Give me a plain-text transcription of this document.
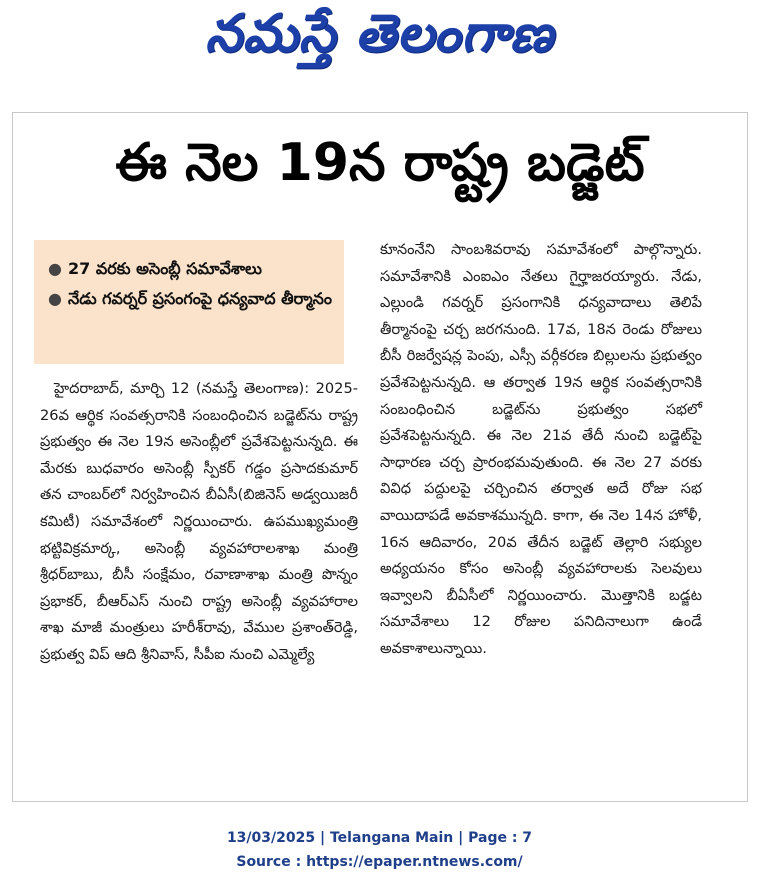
నమస్తే తెలంగాణ
ఈ నెల 19న రాష్ట్ర బడ్జెట్
● 27 వరకు అసెంబ్లీ సమావేశాలు
● నేడు గవర్నర్ ప్రసంగంపై ధన్యవాద తీర్మానం
హైదరాబాద్, మార్చి 12 (నమస్తే తెలంగాణ): 2025-26వ ఆర్థిక సంవత్సరానికి సంబంధించిన బడ్జెట్‌ను రాష్ట్ర ప్రభుత్వం ఈ నెల 19న అసెంబ్లీలో ప్రవేశపెట్టనున్నది. ఈ మేరకు బుధవారం అసెంబ్లీ స్పీకర్ గడ్డం ప్రసాదకుమార్ తన చాంబర్‌లో నిర్వహించిన బీఏసీ(బిజినెస్ అడ్వయిజరీ కమిటీ) సమావేశంలో నిర్ణయించారు. ఉపముఖ్యమంత్రి భట్టివిక్రమార్క, అసెంబ్లీ వ్యవహారాలశాఖ మంత్రి శ్రీధర్‌బాబు, బీసీ సంక్షేమం, రవాణాశాఖ మంత్రి పొన్నం ప్రభాకర్, బీఆర్‌ఎస్ నుంచి రాష్ట్ర అసెంబ్లీ వ్యవహారాల శాఖ మాజీ మంత్రులు హరీశ్‌రావు, వేముల ప్రశాంత్‌రెడ్డి, ప్రభుత్వ విప్ ఆది శ్రీనివాస్, సీపీఐ నుంచి ఎమ్మెల్యే
కూనంనేని సాంబశివరావు సమావేశంలో పాల్గొన్నారు. సమావేశానికి ఎంఐఎం నేతలు గైర్హాజరయ్యారు. నేడు, ఎల్లుండి గవర్నర్ ప్రసంగానికి ధన్యవాదాలు తెలిపే తీర్మానంపై చర్చ జరగనుంది. 17వ, 18న రెండు రోజులు బీసీ రిజర్వేషన్ల పెంపు, ఎస్సీ వర్గీకరణ బిల్లులను ప్రభుత్వం ప్రవేశపెట్టనున్నది. ఆ తర్వాత 19న ఆర్థిక సంవత్సరానికి సంబంధించిన బడ్జెట్‌ను ప్రభుత్వం సభలో ప్రవేశపెట్టనున్నది. ఈ నెల 21వ తేదీ నుంచి బడ్జెట్‌పై సాధారణ చర్చ ప్రారంభమవుతుంది. ఈ నెల 27 వరకు వివిధ పద్దులపై చర్చించిన తర్వాత అదే రోజు సభ వాయిదాపడే అవకాశమున్నది. కాగా, ఈ నెల 14న హోళీ, 16న ఆదివారం, 20వ తేదీన బడ్జెట్ తెల్లారి సభ్యుల అధ్యయనం కోసం అసెంబ్లీ వ్యవహారాలకు సెలవులు ఇవ్వాలని బీఏసీలో నిర్ణయించారు. మొత్తానికి బడ్జట సమావేశాలు 12 రోజుల పనిదినాలుగా ఉండే అవకాశాలున్నాయి.
13/03/2025 | Telangana Main | Page : 7
Source : https://epaper.ntnews.com/
